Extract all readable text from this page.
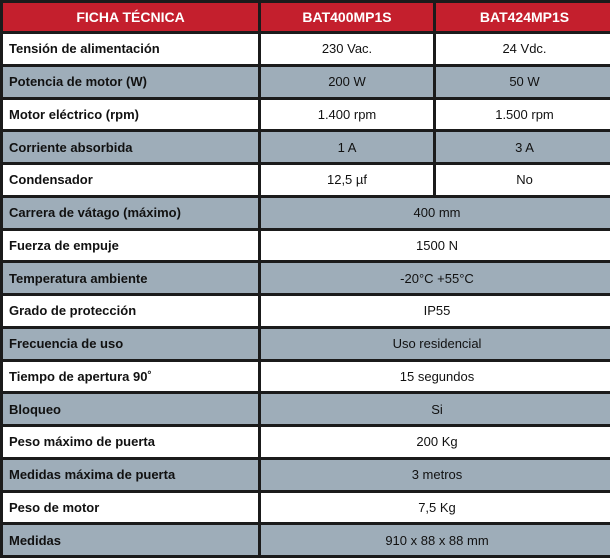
FICHA TÉCNICA	BAT400MP1S	BAT424MP1S
Tensión de alimentación	230 Vac.	24 Vdc.
Potencia de motor (W)	200 W	50 W
Motor eléctrico (rpm)	1.400 rpm	1.500 rpm
Corriente absorbida	1 A	3 A
Condensador	12,5 µf	No
Carrera de vátago (máximo)	400 mm	
Fuerza de empuje	1500 N	
Temperatura ambiente	-20°C +55°C	
Grado de protección	IP55	
Frecuencia de uso	Uso residencial	
Tiempo de apertura 90˚	15 segundos	
Bloqueo	Si	
Peso máximo de puerta	200 Kg	
Medidas máxima de puerta	3 metros	
Peso de motor	7,5 Kg	
Medidas	910 x 88 x 88 mm	
